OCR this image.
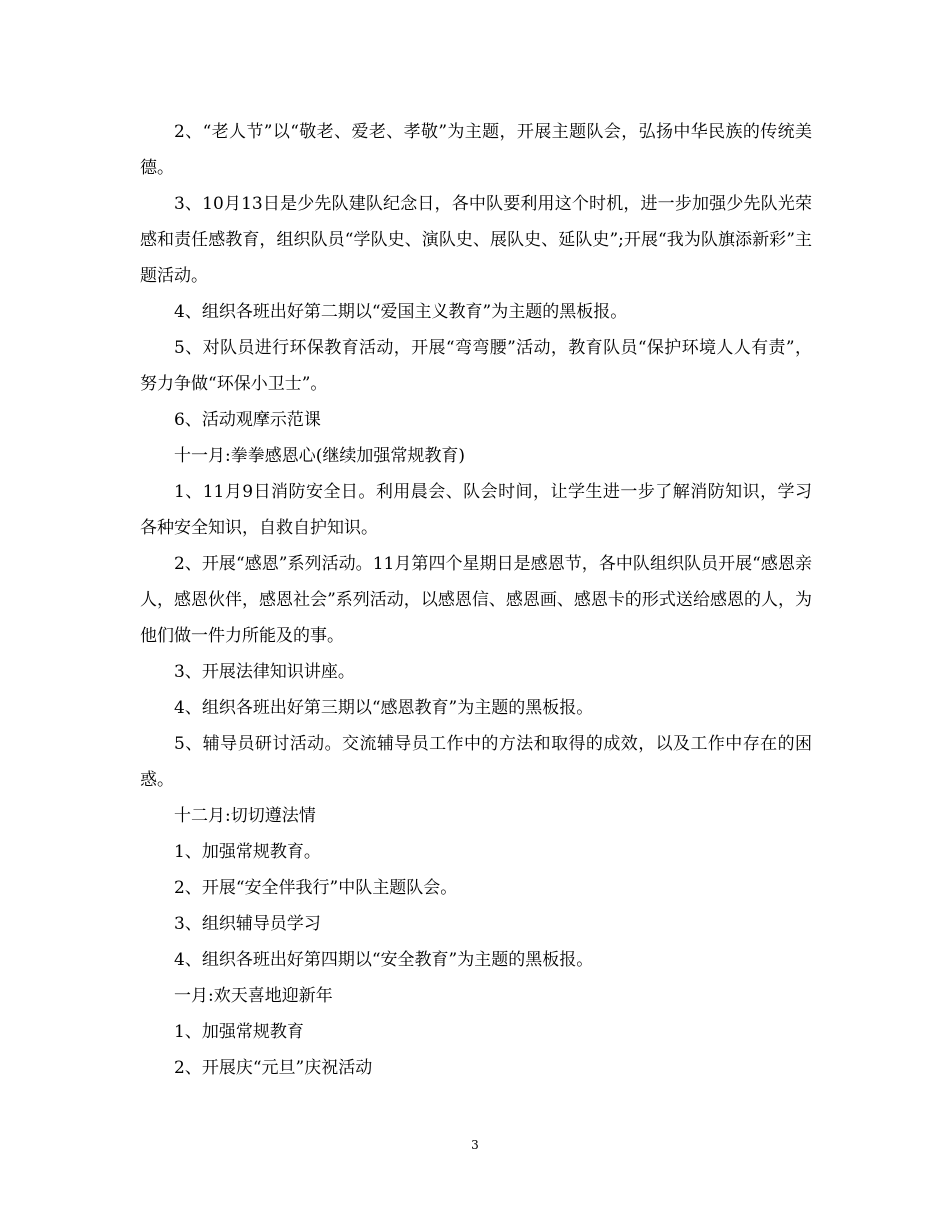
2、“老人节”以“敬老、爱老、孝敬”为主题，开展主题队会，弘扬中华民族的传统美德。

3、10月13日是少先队建队纪念日，各中队要利用这个时机，进一步加强少先队光荣感和责任感教育，组织队员“学队史、演队史、展队史、延队史”;开展“我为队旗添新彩”主题活动。

4、组织各班出好第二期以“爱国主义教育”为主题的黑板报。

5、对队员进行环保教育活动，开展“弯弯腰”活动，教育队员“保护环境人人有责”，努力争做“环保小卫士”。

6、活动观摩示范课

十一月:拳拳感恩心(继续加强常规教育)

1、11月9日消防安全日。利用晨会、队会时间，让学生进一步了解消防知识，学习各种安全知识，自救自护知识。

2、开展“感恩”系列活动。11月第四个星期日是感恩节，各中队组织队员开展“感恩亲人，感恩伙伴，感恩社会”系列活动，以感恩信、感恩画、感恩卡的形式送给感恩的人，为他们做一件力所能及的事。

3、开展法律知识讲座。

4、组织各班出好第三期以“感恩教育”为主题的黑板报。

5、辅导员研讨活动。交流辅导员工作中的方法和取得的成效，以及工作中存在的困惑。

十二月:切切遵法情

1、加强常规教育。

2、开展“安全伴我行”中队主题队会。

3、组织辅导员学习

4、组织各班出好第四期以“安全教育”为主题的黑板报。

一月:欢天喜地迎新年

1、加强常规教育

2、开展庆“元旦”庆祝活动

3
